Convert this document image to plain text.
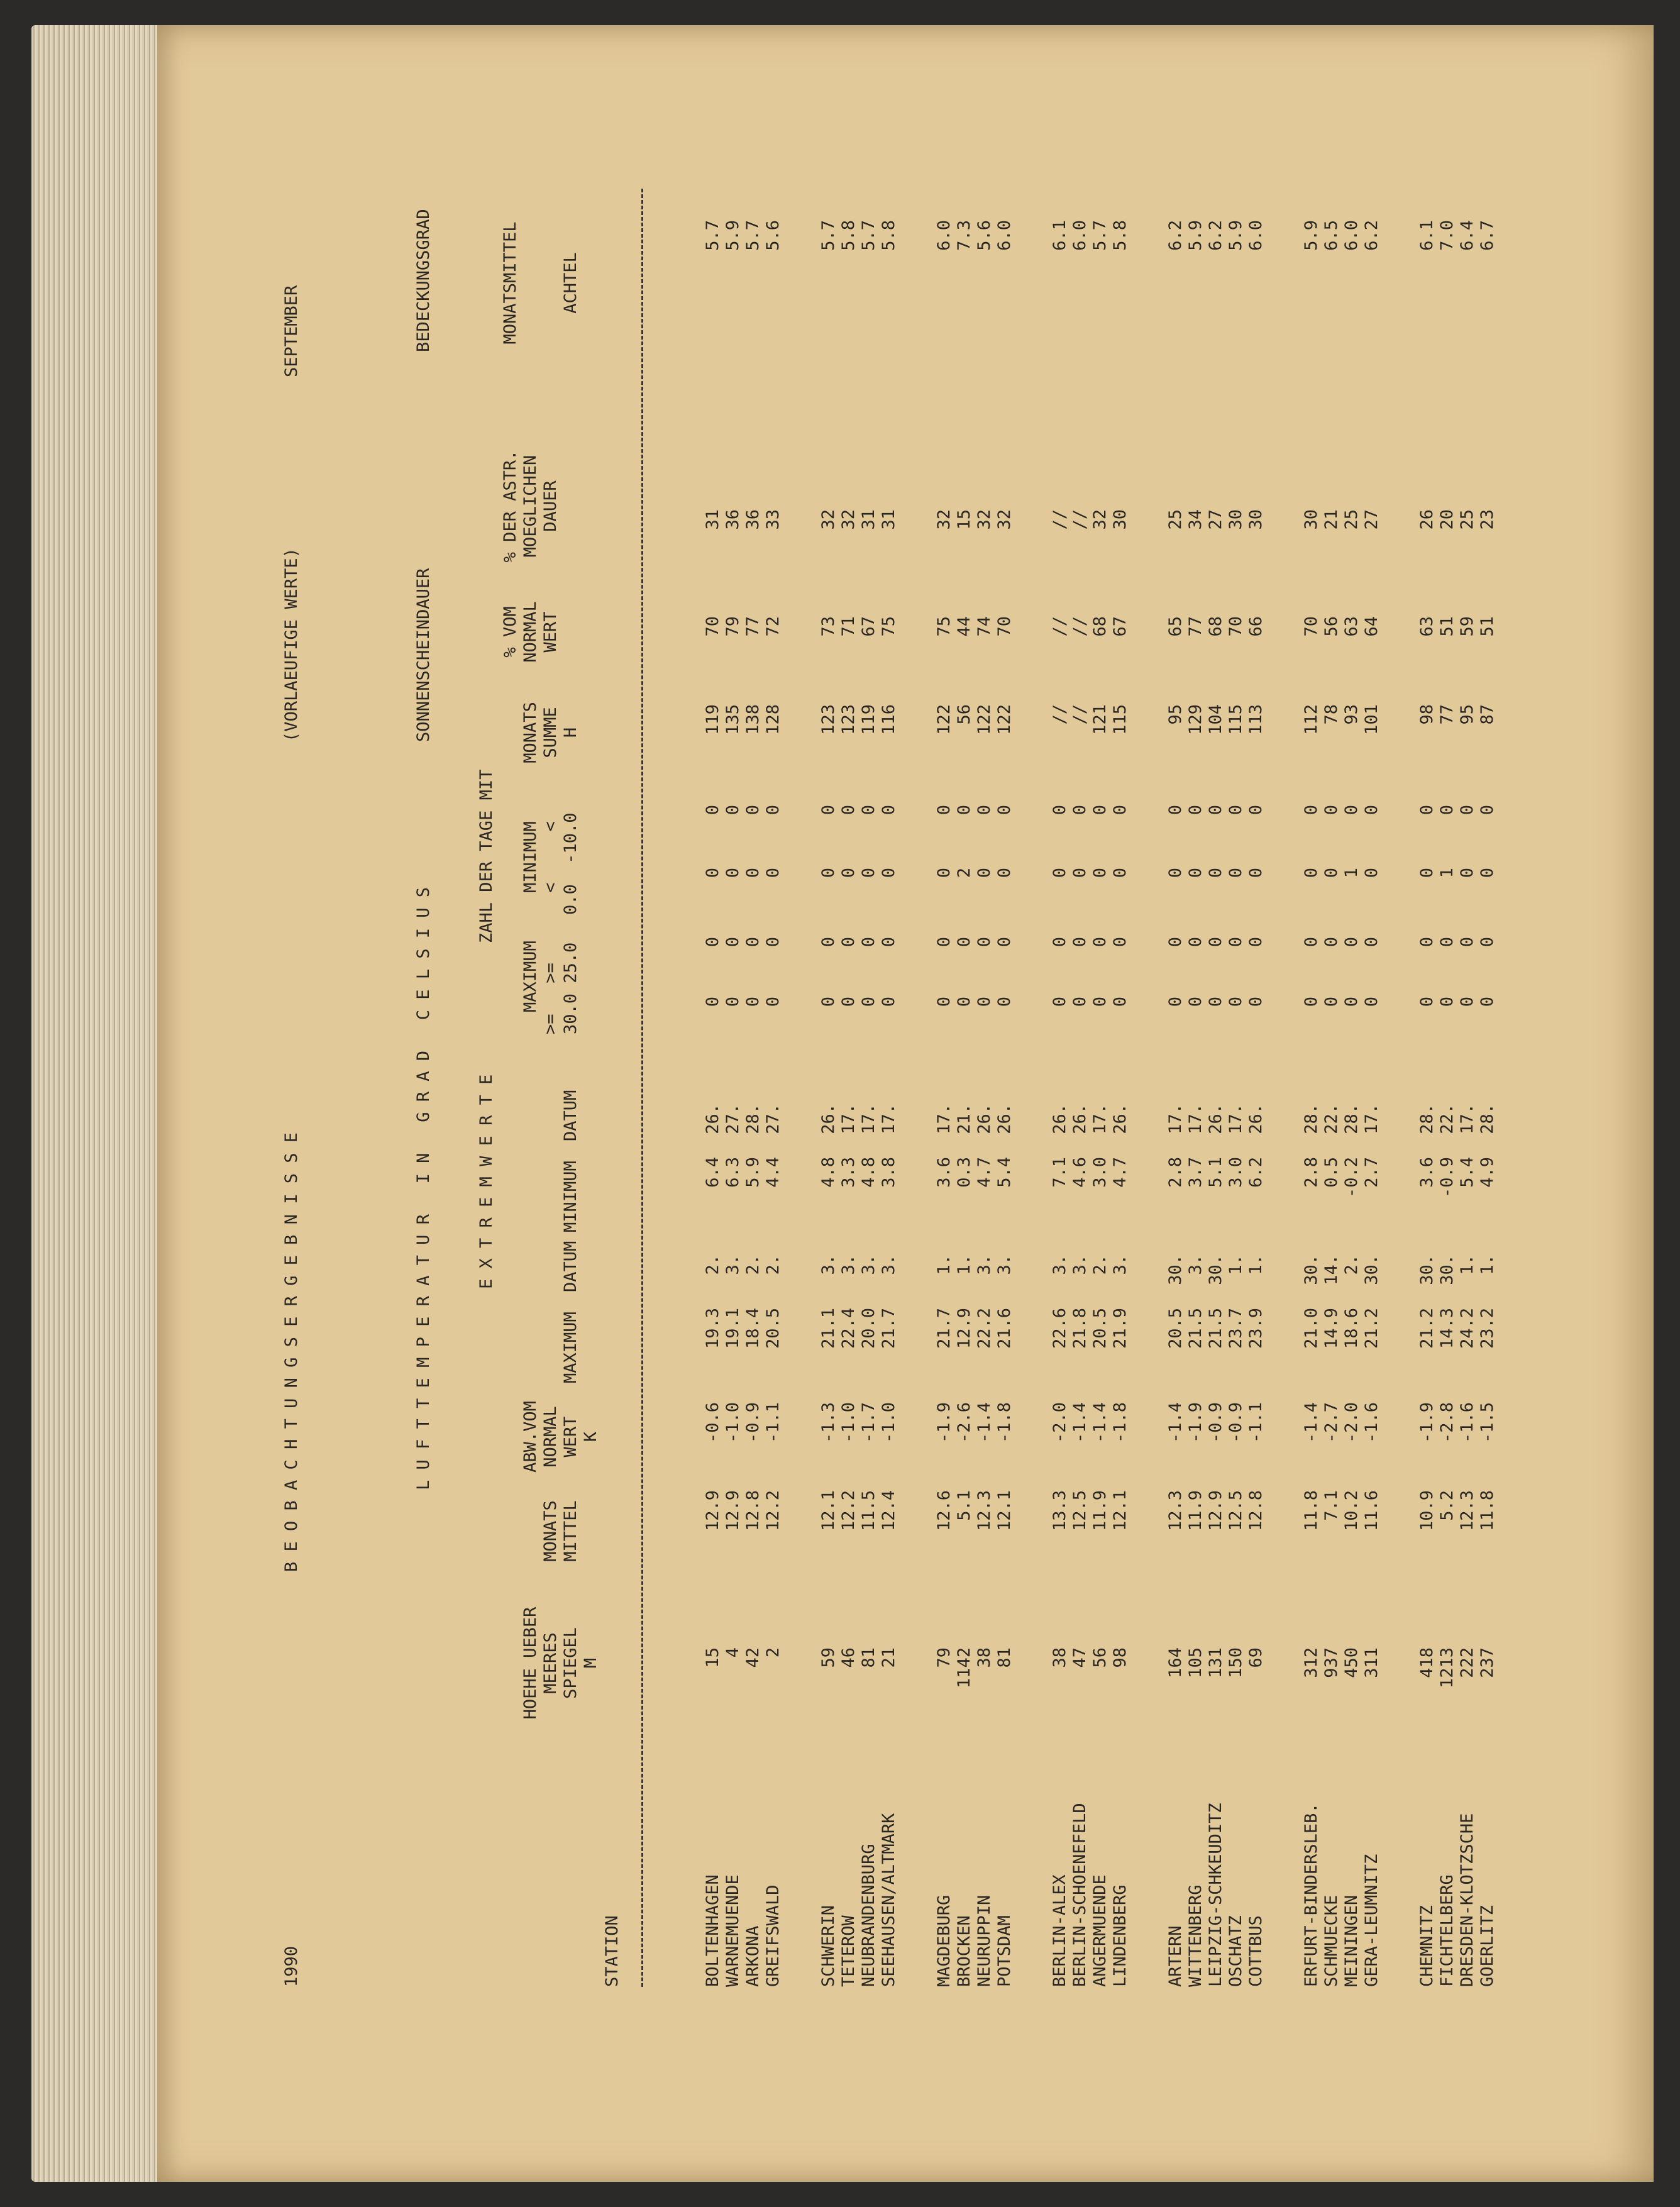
1990
B E O B A C H T U N G S E R G E B N I S S E
(VORLAEUFIGE WERTE)
SEPTEMBER
L U F T T E M P E R A T U R   I N   G R A D   C E L S I U S
SONNENSCHEINDAUER
BEDECKUNGSGRAD
E X T R E M W E R T E
ZAHL DER TAGE MIT
STATION
HOEHE UEBER MEERES SPIEGEL M
MONATS MITTEL
ABW.VOM NORMAL WERT K
MAXIMUM
DATUM
MINIMUM
DATUM
MAXIMUM >=   >= 30.0 25.0
MINIMUM <     < 0.0  -10.0
MONATS SUMME H
% VOM NORMAL WERT
% DER ASTR. MOEGLICHEN DAUER
MONATSMITTEL ACHTEL
BOLTENHAGEN
15
12.9
-0.6
19.3
2.
6.4
26.
0
0
0
0
119
70
31
5.7
WARNEMUENDE
4
12.9
-1.0
19.1
3.
6.3
27.
0
0
0
0
135
79
36
5.9
ARKONA
42
12.8
-0.9
18.4
2.
5.9
28.
0
0
0
0
138
77
36
5.7
GREIFSWALD
2
12.2
-1.1
20.5
2.
4.4
27.
0
0
0
0
128
72
33
5.6
SCHWERIN
59
12.1
-1.3
21.1
3.
4.8
26.
0
0
0
0
123
73
32
5.7
TETEROW
46
12.2
-1.0
22.4
3.
3.3
17.
0
0
0
0
123
71
32
5.8
NEUBRANDENBURG
81
11.5
-1.7
20.0
3.
4.8
17.
0
0
0
0
119
67
31
5.7
SEEHAUSEN/ALTMARK
21
12.4
-1.0
21.7
3.
3.8
17.
0
0
0
0
116
75
31
5.8
MAGDEBURG
79
12.6
-1.9
21.7
1.
3.6
17.
0
0
0
0
122
75
32
6.0
BROCKEN
1142
5.1
-2.6
12.9
1.
0.3
21.
0
0
2
0
56
44
15
7.3
NEURUPPIN
38
12.3
-1.4
22.2
3.
4.7
26.
0
0
0
0
122
74
32
5.6
POTSDAM
81
12.1
-1.8
21.6
3.
5.4
26.
0
0
0
0
122
70
32
6.0
BERLIN-ALEX
38
13.3
-2.0
22.6
3.
7.1
26.
0
0
0
0
//
//
//
6.1
BERLIN-SCHOENEFELD
47
12.5
-1.4
21.8
3.
4.6
26.
0
0
0
0
//
//
//
6.0
ANGERMUENDE
56
11.9
-1.4
20.5
2.
3.0
17.
0
0
0
0
121
68
32
5.7
LINDENBERG
98
12.1
-1.8
21.9
3.
4.7
26.
0
0
0
0
115
67
30
5.8
ARTERN
164
12.3
-1.4
20.5
30.
2.8
17.
0
0
0
0
95
65
25
6.2
WITTENBERG
105
11.9
-1.9
21.5
3.
3.7
17.
0
0
0
0
129
77
34
5.9
LEIPZIG-SCHKEUDITZ
131
12.9
-0.9
21.5
30.
5.1
26.
0
0
0
0
104
68
27
6.2
OSCHATZ
150
12.5
-0.9
23.7
1.
3.0
17.
0
0
0
0
115
70
30
5.9
COTTBUS
69
12.8
-1.1
23.9
1.
6.2
26.
0
0
0
0
113
66
30
6.0
ERFURT-BINDERSLEB.
312
11.8
-1.4
21.0
30.
2.8
28.
0
0
0
0
112
70
30
5.9
SCHMUECKE
937
7.1
-2.7
14.9
14.
0.5
22.
0
0
0
0
78
56
21
6.5
MEININGEN
450
10.2
-2.0
18.6
2.
-0.2
28.
0
0
1
0
93
63
25
6.0
GERA-LEUMNITZ
311
11.6
-1.6
21.2
30.
2.7
17.
0
0
0
0
101
64
27
6.2
CHEMNITZ
418
10.9
-1.9
21.2
30.
3.6
28.
0
0
0
0
98
63
26
6.1
FICHTELBERG
1213
5.2
-2.8
14.3
30.
-0.9
22.
0
0
1
0
77
51
20
7.0
DRESDEN-KLOTZSCHE
222
12.3
-1.6
24.2
1.
5.4
17.
0
0
0
0
95
59
25
6.4
GOERLITZ
237
11.8
-1.5
23.2
1.
4.9
28.
0
0
0
0
87
51
23
6.7
